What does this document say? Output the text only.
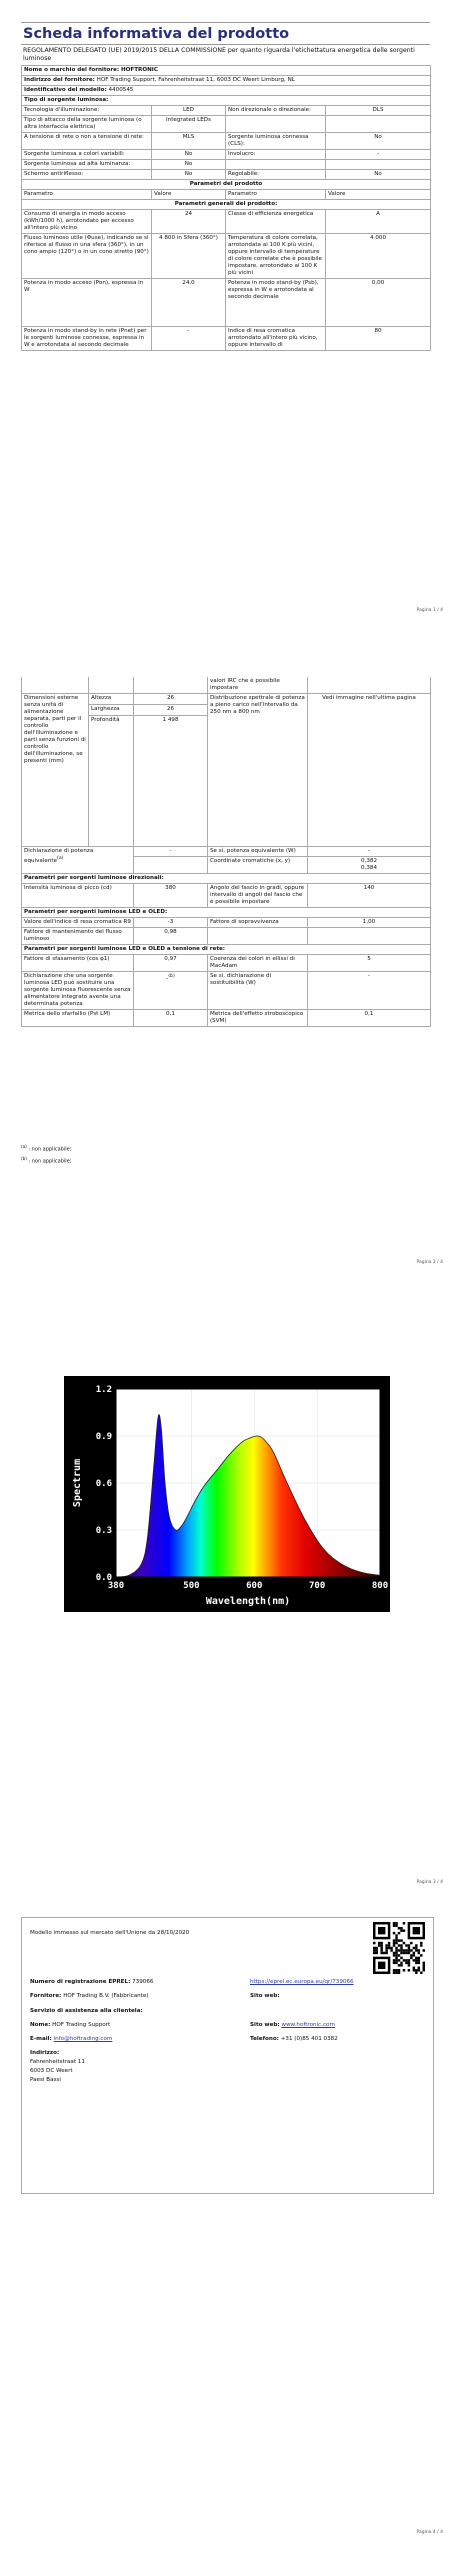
Scheda informativa del prodotto
REGOLAMENTO DELEGATO (UE) 2019/2015 DELLA COMMISSIONE per quanto riguarda l'etichettatura energetica delle sorgenti luminose
Nome o marchio del fornitore: HOFTRONIC			
Indirizzo del fornitore: HOF Trading Support, Fahrenheitstraat 11, 6003 DC Weert Limburg, NL			
Identificativo del modello: 4400545			
Tipo di sorgente luminosa:			
Tecnologia d'illuminazione:	LED	Non direzionale o direzionale:	DLS
Tipo di attacco della sorgente luminosa (o altra interfaccia elettrica)	Integrated LEDs		
A tensione di rete o non a tensione di rete:	MLS	Sorgente luminosa connessa (CLS):	No
Sorgente luminosa a colori variabili:	No	Involucro:	-
Sorgente luminosa ad alta luminanza:	No		
Schermo antiriflesso:	No	Regolabile:	No
Parametri del prodotto			
Parametro	Valore	Parametro	Valore
Parametri generali del prodotto:			
Consumo di energia in modo acceso (kWh/1000 h), arrotondato per eccesso all'intero più vicino	24	Classe di efficienza energetica	A
Flusso luminoso utile (Φuse), indicando se si riferisce al flusso in una sfera (360°), in un cono ampio (120°) o in un cono stretto (90°)	4 800 in Sfera (360°)	Temperatura di colore correlata, arrotondata ai 100 K più vicini, oppure intervallo di temperature di colore correlate che è possibile impostare, arrotondato ai 100 K più vicini	4 000
Potenza in modo acceso (Pon), espressa in W	24,0	Potenza in modo stand-by (Psb), espressa in W e arrotondata al secondo decimale	0,00
Potenza in modo stand-by in rete (Pnet) per le sorgenti luminose connesse, espressa in W e arrotondata al secondo decimale	-	Indice di resa cromatica arrotondato all'intero più vicino, oppure intervallo di	80
Pagina 1 / 4
			valori IRC che è possibile impostare	
Dimensioni esterne senza unità di alimentazione separata, parti per il controllo dell'illuminazione e parti senza funzioni di controllo dell'illuminazione, se presenti (mm)	Altezza	26	Distribuzione spettrale di potenza a pieno carico nell'intervallo da 250 nm a 800 nm	Vedi immagine nell'ultima pagina
	Larghezza	26		
	Profondità	1 498		
Dichiarazione di potenza equivalente$^{(a)}$		-	Se sì, potenza equivalente (W)	-
			Coordinate cromatiche (x, y)	0,382
0,384

Parametri per sorgenti luminose direzionali:				
Intensità luminosa di picco (cd)		380	Angolo del fascio in gradi, oppure intervallo di angoli del fascio che è possibile impostare	140
Parametri per sorgenti luminose LED e OLED:				
Valore dell'indice di resa cromatica R9		-3	Fattore di sopravvivenza	1,00
Fattore di mantenimento del flusso luminoso		0,98		
Parametri per sorgenti luminose LED e OLED a tensione di rete:				
Fattore di sfasamento (cos φ1)		0,97	Coerenza dei colori in ellissi di MacAdam	5
Dichiarazione che una sorgente luminosa LED può sostituire una sorgente luminosa fluorescente senza alimentatore integrato avente una determinata potenza		-$^{(b)}$	Se sì, dichiarazione di sostituibilità (W)	-
Metrica dello sfarfallio (Pst LM)		0,1	Metrica dell'effetto stroboscopico (SVM)	0,1
$^{(a)}$ : non applicabile;
$^{(b)}$ : non applicabile;
Pagina 2 / 4
380	500	600	700	800
0.0
0.3
0.6
0.9
1.2
Wavelength(nm)
Spectrum
Pagina 3 / 4
Modello immesso sul mercato dell'Unione da 28/10/2020
Numero di registrazione EPREL: 739066	https://eprel.ec.europa.eu/qr/739066
Fornitore: HOF Trading B.V. (Fabbricante)	Sito web:
Servizio di assistenza alla clientela:
Nome: HOF Trading Support	Sito web: www.hoftronic.com
E-mail: info@hoftrading.com	Telefono: +31 (0)85 401 0382
Indirizzo:
Fahrenheitstraat 11
6003 DC Weert
Paesi Bassi
Pagina 4 / 4
